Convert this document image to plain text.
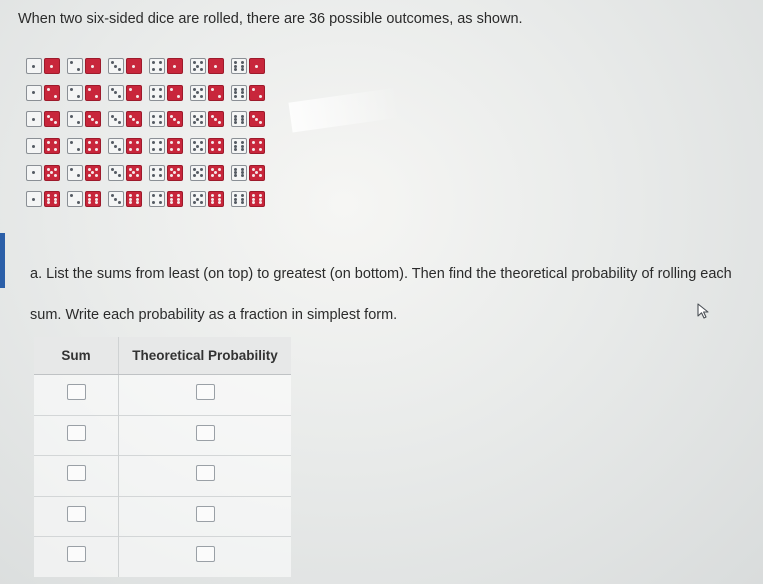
When two six-sided dice are rolled, there are 36 possible outcomes, as shown.
a. List the sums from least (on top) to greatest (on bottom). Then find the theoretical probability of rolling each
sum. Write each probability as a fraction in simplest form.
Sum	Theoretical Probability
